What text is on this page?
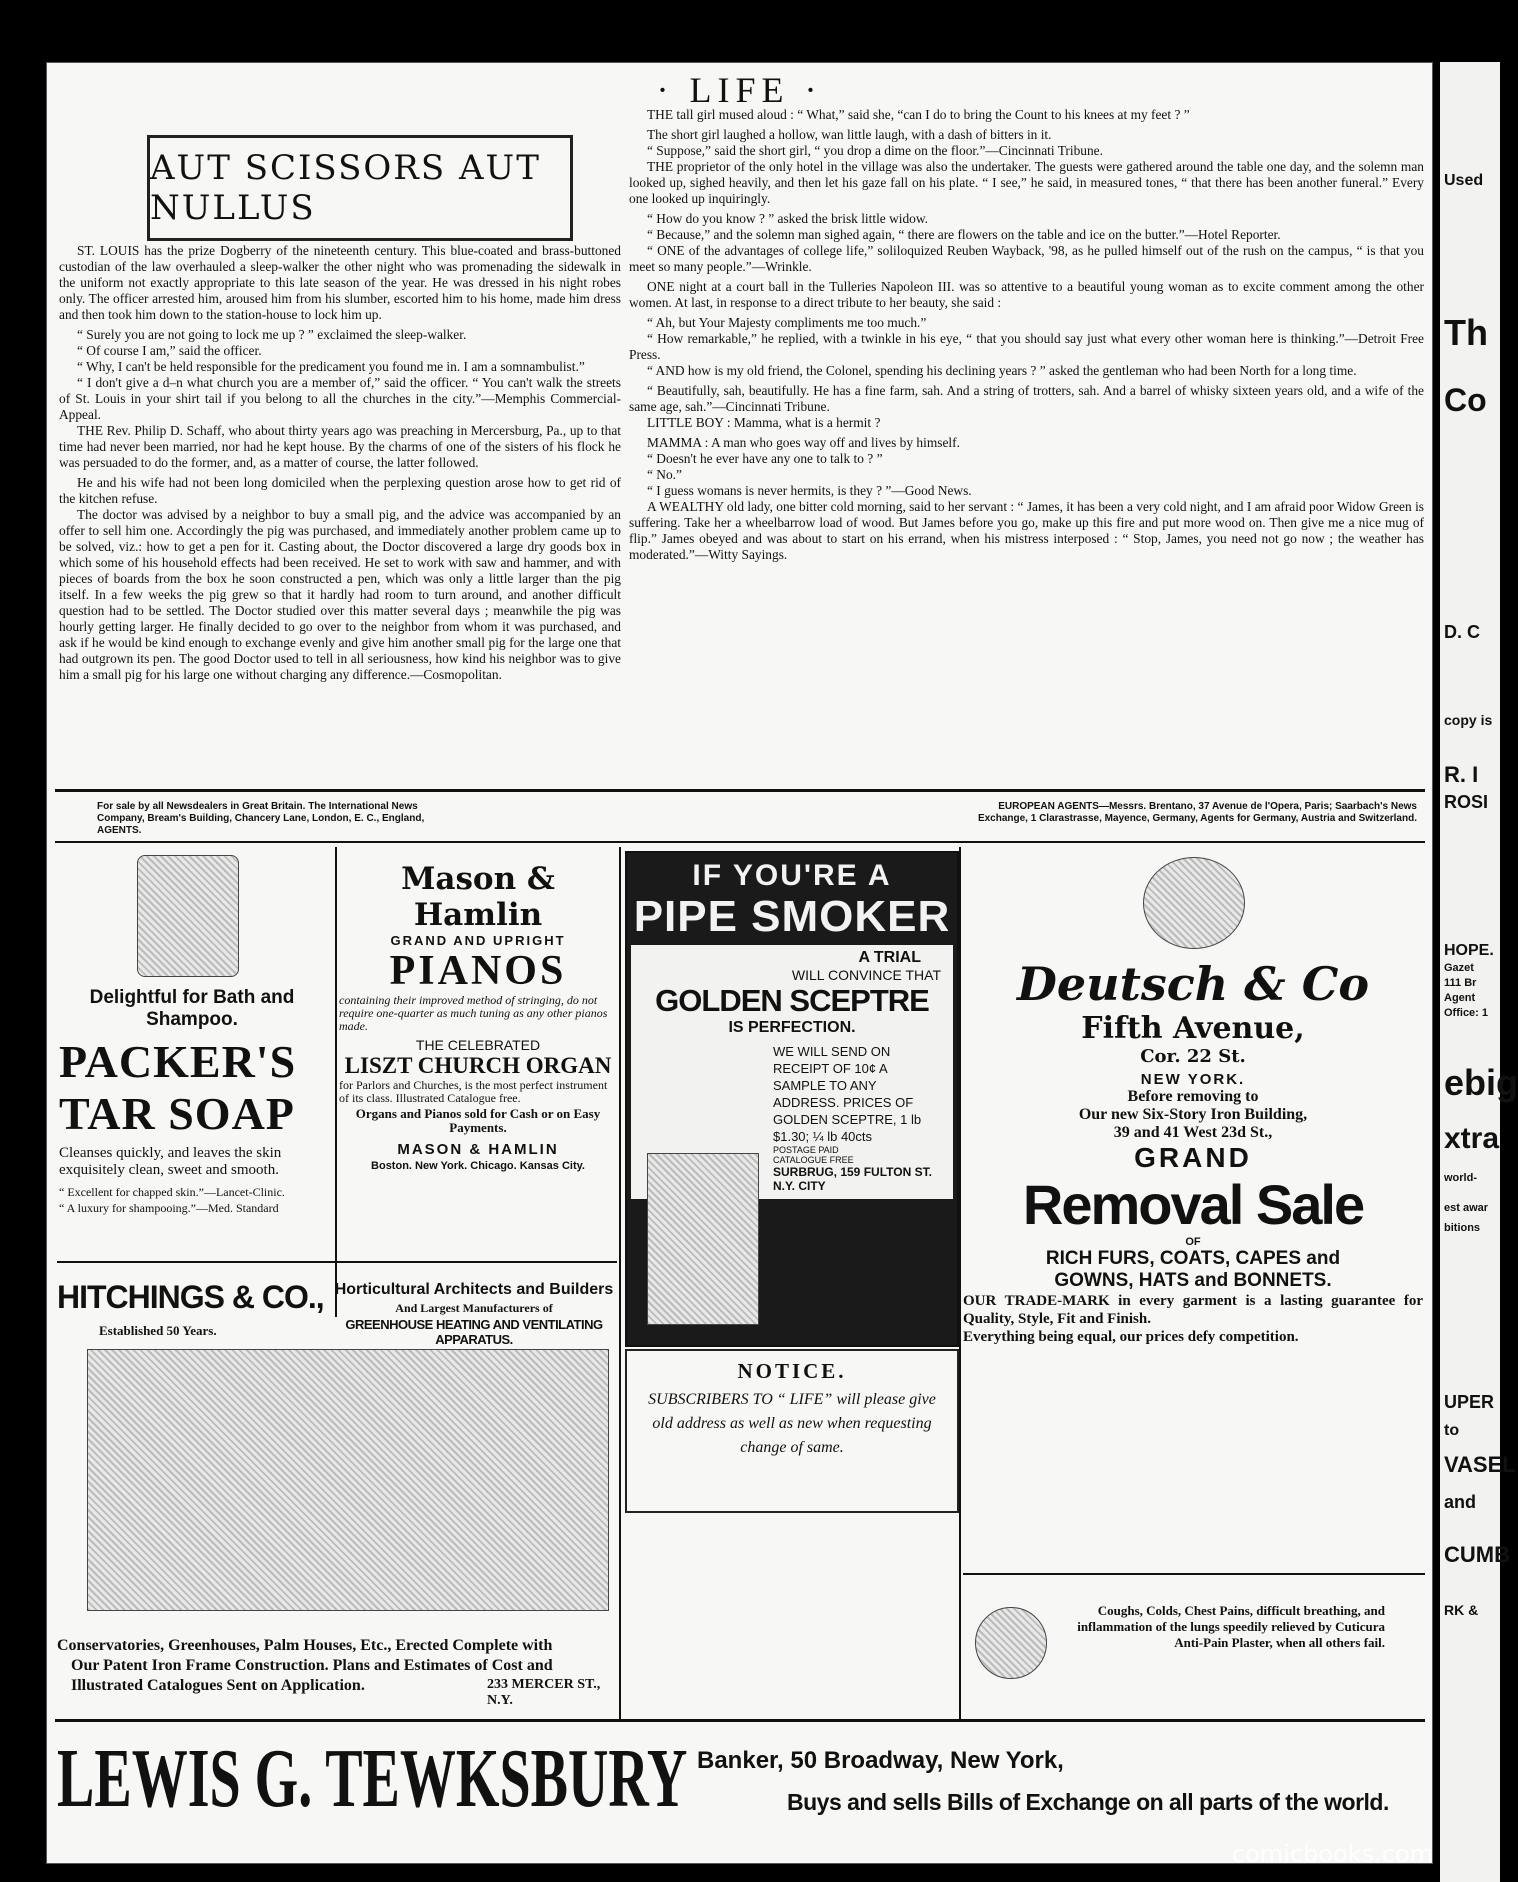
· LIFE ·
AUT SCISSORS AUT NULLUS

ST. LOUIS has the prize Dogberry of the nineteenth century. This blue-coated and brass-buttoned custodian of the law overhauled a sleep-walker the other night who was promenading the sidewalk in the uniform not exactly appropriate to this late season of the year. He was dressed in his night robes only. The officer arrested him, aroused him from his slumber, escorted him to his home, made him dress and then took him down to the station-house to lock him up.

“ Surely you are not going to lock me up ? ” exclaimed the sleep-walker.

“ Of course I am,” said the officer.

“ Why, I can't be held responsible for the predicament you found me in. I am a somnambulist.”

“ I don't give a d–n what church you are a member of,” said the officer. “ You can't walk the streets of St. Louis in your shirt tail if you belong to all the churches in the city.”—Memphis Commercial-Appeal.

THE Rev. Philip D. Schaff, who about thirty years ago was preaching in Mercersburg, Pa., up to that time had never been married, nor had he kept house. By the charms of one of the sisters of his flock he was persuaded to do the former, and, as a matter of course, the latter followed.

He and his wife had not been long domiciled when the perplexing question arose how to get rid of the kitchen refuse.

The doctor was advised by a neighbor to buy a small pig, and the advice was accompanied by an offer to sell him one. Accordingly the pig was purchased, and immediately another problem came up to be solved, viz.: how to get a pen for it. Casting about, the Doctor discovered a large dry goods box in which some of his household effects had been received. He set to work with saw and hammer, and with pieces of boards from the box he soon constructed a pen, which was only a little larger than the pig itself. In a few weeks the pig grew so that it hardly had room to turn around, and another difficult question had to be settled. The Doctor studied over this matter several days ; meanwhile the pig was hourly getting larger. He finally decided to go over to the neighbor from whom it was purchased, and ask if he would be kind enough to exchange evenly and give him another small pig for the large one that had outgrown its pen. The good Doctor used to tell in all seriousness, how kind his neighbor was to give him a small pig for his large one without charging any difference.—Cosmopolitan.

THE tall girl mused aloud : “ What,” said she, “can I do to bring the Count to his knees at my feet ? ”

The short girl laughed a hollow, wan little laugh, with a dash of bitters in it.

“ Suppose,” said the short girl, “ you drop a dime on the floor.”—Cincinnati Tribune.

THE proprietor of the only hotel in the village was also the undertaker. The guests were gathered around the table one day, and the solemn man looked up, sighed heavily, and then let his gaze fall on his plate. “ I see,” he said, in measured tones, “ that there has been another funeral.” Every one looked up inquiringly.

“ How do you know ? ” asked the brisk little widow.

“ Because,” and the solemn man sighed again, “ there are flowers on the table and ice on the butter.”—Hotel Reporter.

“ ONE of the advantages of college life,” soliloquized Reuben Wayback, '98, as he pulled himself out of the rush on the campus, “ is that you meet so many people.”—Wrinkle.

ONE night at a court ball in the Tulleries Napoleon III. was so attentive to a beautiful young woman as to excite comment among the other women. At last, in response to a direct tribute to her beauty, she said :

“ Ah, but Your Majesty compliments me too much.”

“ How remarkable,” he replied, with a twinkle in his eye, “ that you should say just what every other woman here is thinking.”—Detroit Free Press.

“ AND how is my old friend, the Colonel, spending his declining years ? ” asked the gentleman who had been North for a long time.

“ Beautifully, sah, beautifully. He has a fine farm, sah. And a string of trotters, sah. And a barrel of whisky sixteen years old, and a wife of the same age, sah.”—Cincinnati Tribune.

LITTLE BOY : Mamma, what is a hermit ?

MAMMA : A man who goes way off and lives by himself.

“ Doesn't he ever have any one to talk to ? ”

“ No.”

“ I guess womans is never hermits, is they ? ”—Good News.

A WEALTHY old lady, one bitter cold morning, said to her servant : “ James, it has been a very cold night, and I am afraid poor Widow Green is suffering. Take her a wheelbarrow load of wood. But James before you go, make up this fire and put more wood on. Then give me a nice mug of flip.” James obeyed and was about to start on his errand, when his mistress interposed : “ Stop, James, you need not go now ; the weather has moderated.”—Witty Sayings.

For sale by all Newsdealers in Great Britain. The International News Company, Bream's Building, Chancery Lane, London, E. C., England, AGENTS.
EUROPEAN AGENTS—Messrs. Brentano, 37 Avenue de l'Opera, Paris; Saarbach's News Exchange, 1 Clarastrasse, Mayence, Germany, Agents for Germany, Austria and Switzerland.
Delightful for Bath and Shampoo.
PACKER'S
TAR SOAP
Cleanses quickly, and leaves the skin exquisitely clean, sweet and smooth.
“ Excellent for chapped skin.”—Lancet-Clinic.
“ A luxury for shampooing.”—Med. Standard
Mason & Hamlin
GRAND AND UPRIGHT
PIANOS
containing their improved method of stringing, do not require one-quarter as much tuning as any other pianos made.
THE CELEBRATED
LISZT CHURCH ORGAN
for Parlors and Churches, is the most perfect instrument of its class. Illustrated Catalogue free.
Organs and Pianos sold for Cash or on Easy Payments.
MASON & HAMLIN
Boston. New York. Chicago. Kansas City.
IF YOU'RE A
PIPE SMOKER
A TRIAL
WILL CONVINCE THAT
GOLDEN SCEPTRE
IS PERFECTION.
WE WILL SEND ON RECEIPT OF 10¢ A SAMPLE TO ANY ADDRESS. PRICES OF GOLDEN SCEPTRE, 1 lb $1.30; ¼ lb 40cts
POSTAGE PAID
CATALOGUE FREE
SURBRUG, 159 FULTON ST. N.Y. CITY
NOTICE.
SUBSCRIBERS TO “ LIFE” will please give old address as well as new when requesting change of same.
Deutsch & Co
Fifth Avenue,
Cor. 22 St.
NEW YORK.
Before removing to
Our new Six-Story Iron Building,
39 and 41 West 23d St.,
GRAND
Removal Sale
OF
RICH FURS, COATS, CAPES and
GOWNS, HATS and BONNETS.
OUR TRADE-MARK in every garment is a lasting guarantee for Quality, Style, Fit and Finish.
Everything being equal, our prices defy competition.
Coughs, Colds, Chest Pains, difficult breathing, and inflammation of the lungs speedily relieved by Cuticura Anti-Pain Plaster, when all others fail.
HITCHINGS & CO.,
Established 50 Years.
Horticultural Architects and Builders
And Largest Manufacturers of
GREENHOUSE HEATING AND VENTILATING APPARATUS.
Conservatories, Greenhouses, Palm Houses, Etc., Erected Complete with
Our Patent Iron Frame Construction. Plans and Estimates of Cost and
Illustrated Catalogues Sent on Application.	233 MERCER ST., N.Y.
LEWIS G. TEWKSBURY Banker, 50 Broadway, New York,
Buys and sells Bills of Exchange on all parts of the world.
Used
Th
Co
D. C
copy is
R. I
ROSI
HOPE.
Gazet
111 Br
Agent
Office: 1
ebig
xtra
world-
est awar
bitions
UPER
to
VASEL
and
CUMB
RK &
comicbooks.com
